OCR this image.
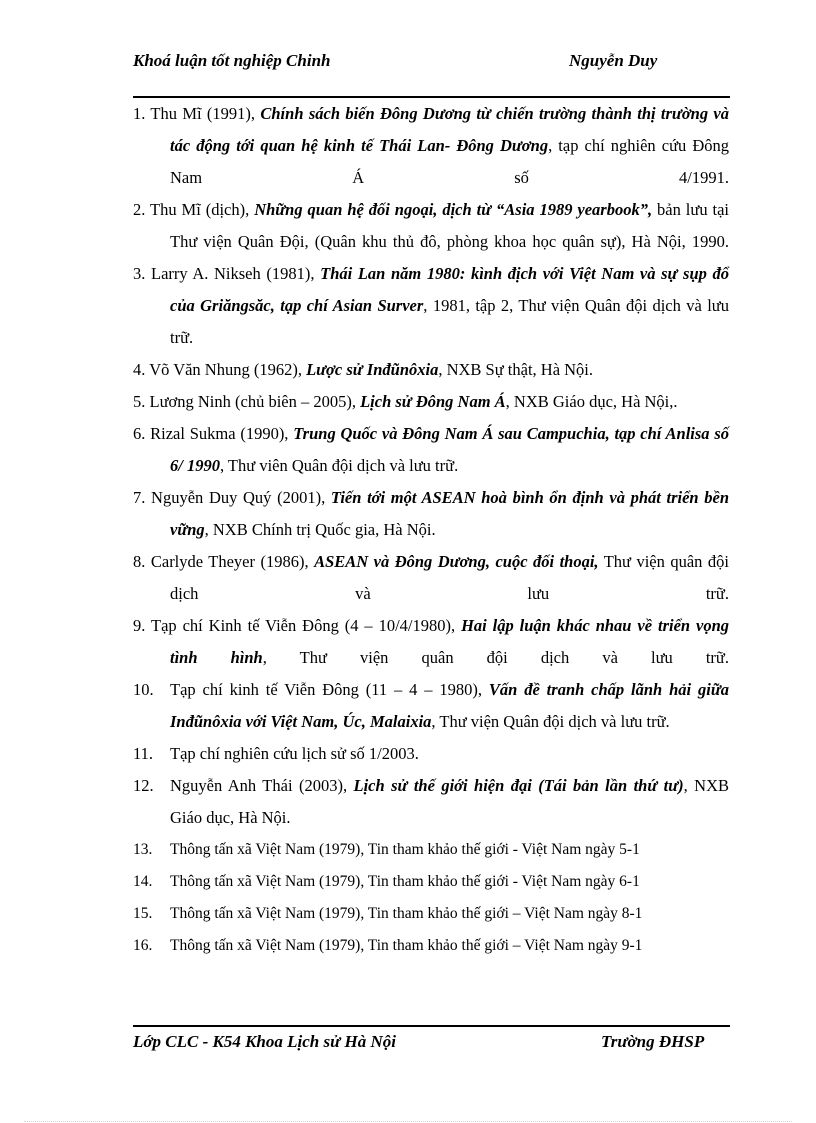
Khoá luận tốt nghiệp Chinh	Nguyễn Duy

1. Thu Mĩ (1991), Chính sách biến Đông Dương từ chiến trường thành thị trường và tác động tới quan hệ kinh tế Thái Lan- Đông Dương, tạp chí nghiên cứu Đông Nam Á số 4/1991.

2. Thu Mĩ (dịch), Những quan hệ đối ngoại, dịch từ “Asia 1989 yearbook”, bản lưu tại Thư viện Quân Đội, (Quân khu thủ đô, phòng khoa học quân sự), Hà Nội, 1990.

3. Larry A. Nikseh (1981), Thái Lan năm 1980: kình địch với Việt Nam và sự sụp đổ của Griăngsăc, tạp chí Asian Surver, 1981, tập 2, Thư viện Quân đội dịch và lưu trữ.

4. Võ Văn Nhung (1962), Lược sử Inđũnôxia, NXB Sự thật, Hà Nội.

5. Lương Ninh (chủ biên – 2005), Lịch sử Đông Nam Á, NXB Giáo dục, Hà Nội,.

6. Rizal Sukma (1990), Trung Quốc và Đông Nam Á sau Campuchia, tạp chí Anlisa số 6/ 1990, Thư viên Quân đội dịch và lưu trữ.

7. Nguyễn Duy Quý (2001), Tiến tới một ASEAN hoà bình ổn định và phát triển bền vững, NXB Chính trị Quốc gia, Hà Nội.

8. Carlyde Theyer (1986), ASEAN và Đông Dương, cuộc đối thoại, Thư viện quân đội dịch và lưu trữ.

9. Tạp chí Kinh tế Viễn Đông (4 – 10/4/1980), Hai lập luận khác nhau về triển vọng tình hình, Thư viện quân đội dịch và lưu trữ.

10. Tạp chí kinh tế Viễn Đông (11 – 4 – 1980), Vấn đề tranh chấp lãnh hải giữa Inđũnôxia với Việt Nam, Úc, Malaixia, Thư viện Quân đội dịch và lưu trữ.

11. Tạp chí nghiên cứu lịch sử số 1/2003.

12. Nguyễn Anh Thái (2003), Lịch sử thế giới hiện đại (Tái bản lần thứ tư), NXB Giáo dục, Hà Nội.

13. Thông tấn xã Việt Nam (1979), Tin tham khảo thế giới - Việt Nam ngày 5-1

14. Thông tấn xã Việt Nam (1979), Tin tham khảo thế giới - Việt Nam ngày 6-1

15. Thông tấn xã Việt Nam (1979), Tin tham khảo thế giới – Việt Nam ngày 8-1

16. Thông tấn xã Việt Nam (1979), Tin tham khảo thế giới – Việt Nam ngày 9-1

Lớp CLC - K54 Khoa Lịch sử Hà Nội	Trường ĐHSP
